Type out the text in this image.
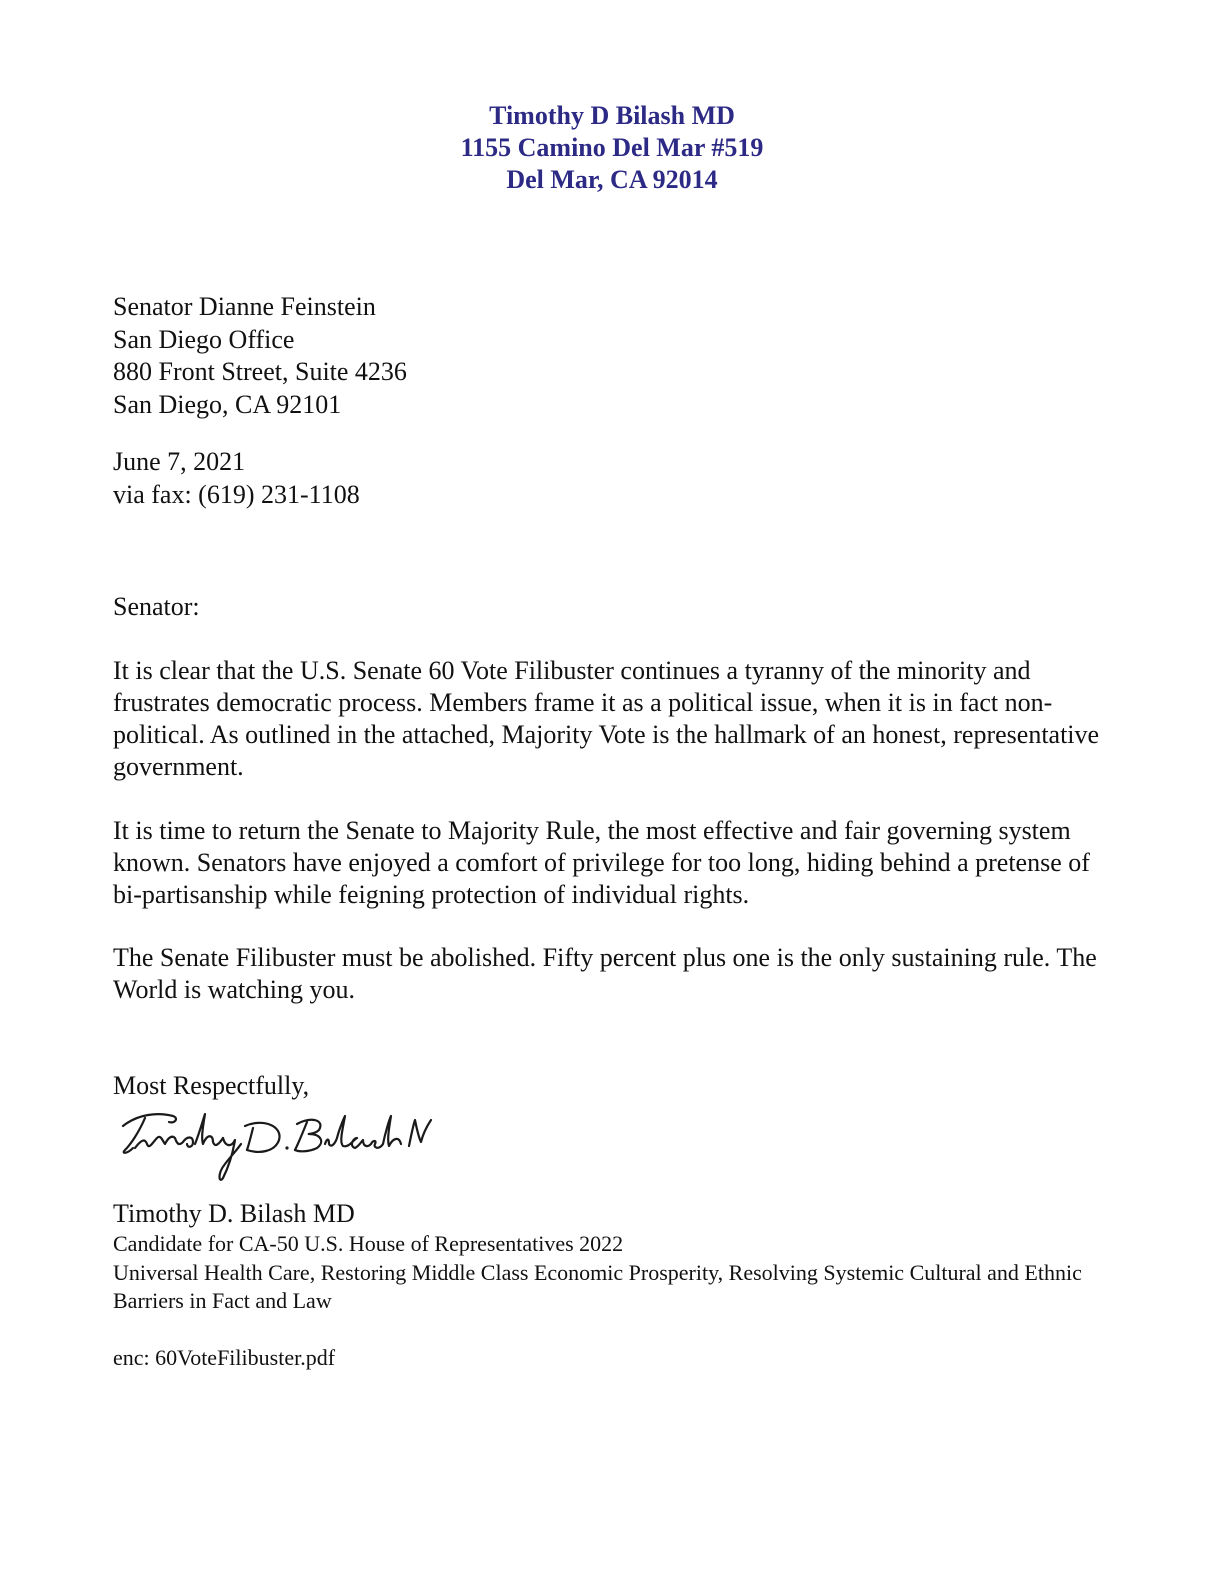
Timothy D Bilash MD
1155 Camino Del Mar #519
Del Mar, CA 92014
Senator Dianne Feinstein
San Diego Office
880 Front Street, Suite 4236
San Diego, CA 92101
June 7, 2021
via fax: (619) 231-1108
Senator:
It is clear that the U.S. Senate 60 Vote Filibuster continues a tyranny of the minority and frustrates democratic process. Members frame it as a political issue, when it is in fact non-political. As outlined in the attached, Majority Vote is the hallmark of an honest, representative government.
It is time to return the Senate to Majority Rule, the most effective and fair governing system known. Senators have enjoyed a comfort of privilege for too long, hiding behind a pretense of bi-partisanship while feigning protection of individual rights.
The Senate Filibuster must be abolished. Fifty percent plus one is the only sustaining rule. The World is watching you.
Most Respectfully,
Timothy D. Bilash MD
Candidate for CA-50 U.S. House of Representatives 2022
Universal Health Care, Restoring Middle Class Economic Prosperity, Resolving Systemic Cultural and Ethnic Barriers in Fact and Law
enc: 60VoteFilibuster.pdf
